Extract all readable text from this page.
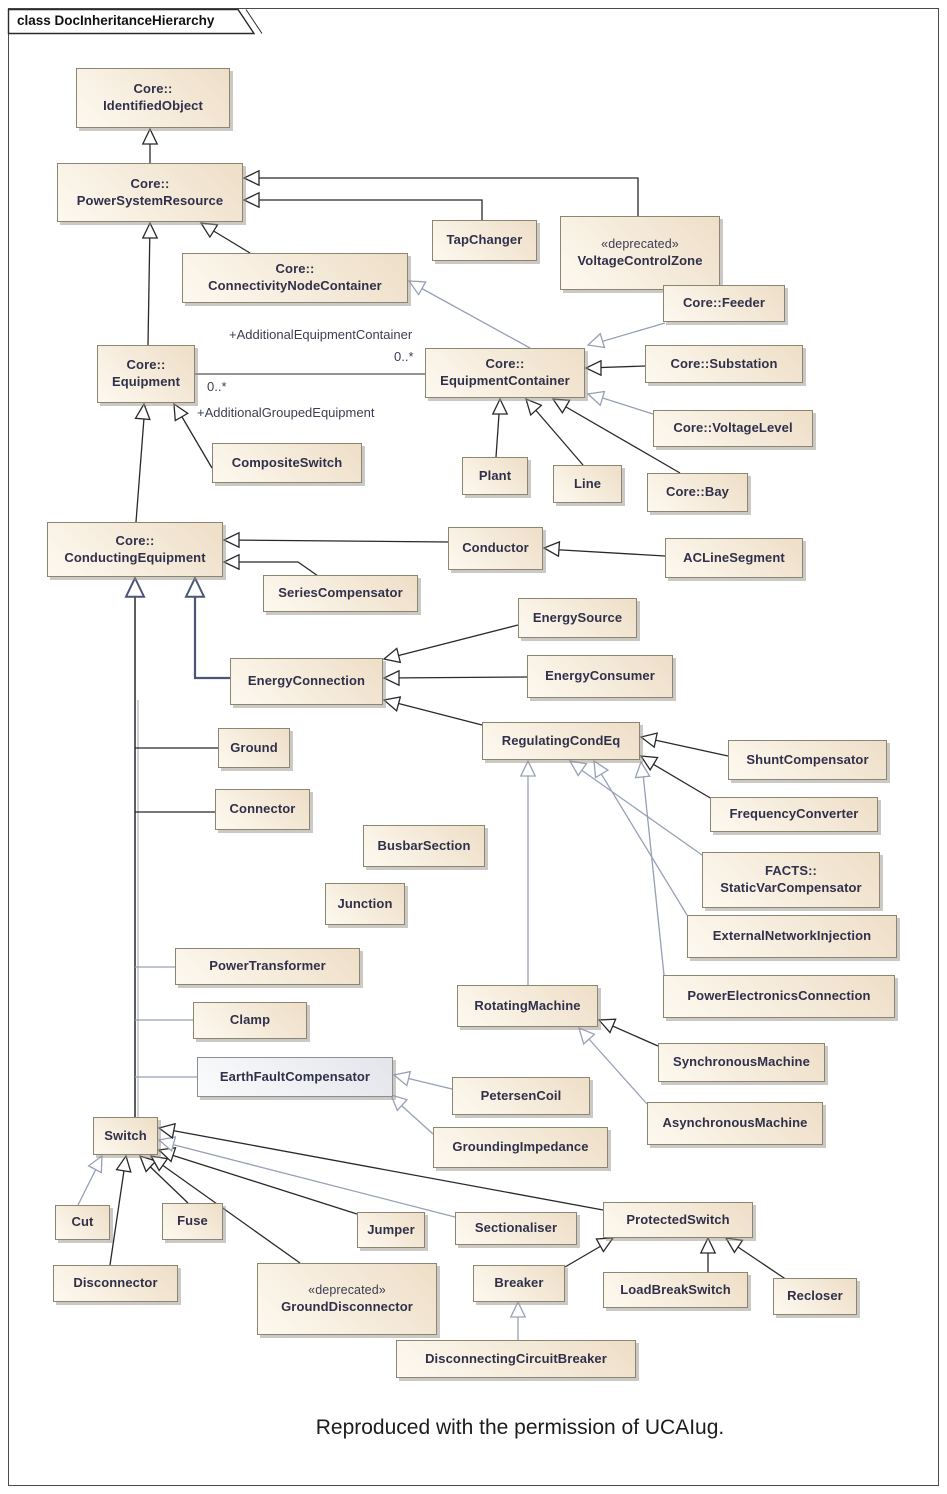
class DocInheritanceHierarchy
Core::
IdentifiedObject
Core::
PowerSystemResource
TapChanger	«deprecated»
VoltageControlZone
Core::Feeder
Core::
ConnectivityNodeContainer
Core::
Equipment
Core::
EquipmentContainer
Core::Substation
Core::VoltageLevel
CompositeSwitch
Plant
Line
Core::Bay
Core::
ConductingEquipment
Conductor
ACLineSegment
SeriesCompensator
EnergySource
EnergyConnection	EnergyConsumer
Ground	RegulatingCondEq
ShuntCompensator
Connector	FrequencyConverter
BusbarSection
FACTS::
StaticVarCompensator
Junction
ExternalNetworkInjection
PowerTransformer
PowerElectronicsConnection
RotatingMachine
Clamp
SynchronousMachine
EarthFaultCompensator
PetersenCoil
AsynchronousMachine
GroundingImpedance
Switch
Cut	Fuse
Jumper	Sectionaliser
ProtectedSwitch
Disconnector
«deprecated»
GroundDisconnector
Breaker	LoadBreakSwitch	Recloser
DisconnectingCircuitBreaker
+AdditionalEquipmentContainer
0..*
0..*
+AdditionalGroupedEquipment
Reproduced with the permission of UCAIug.
